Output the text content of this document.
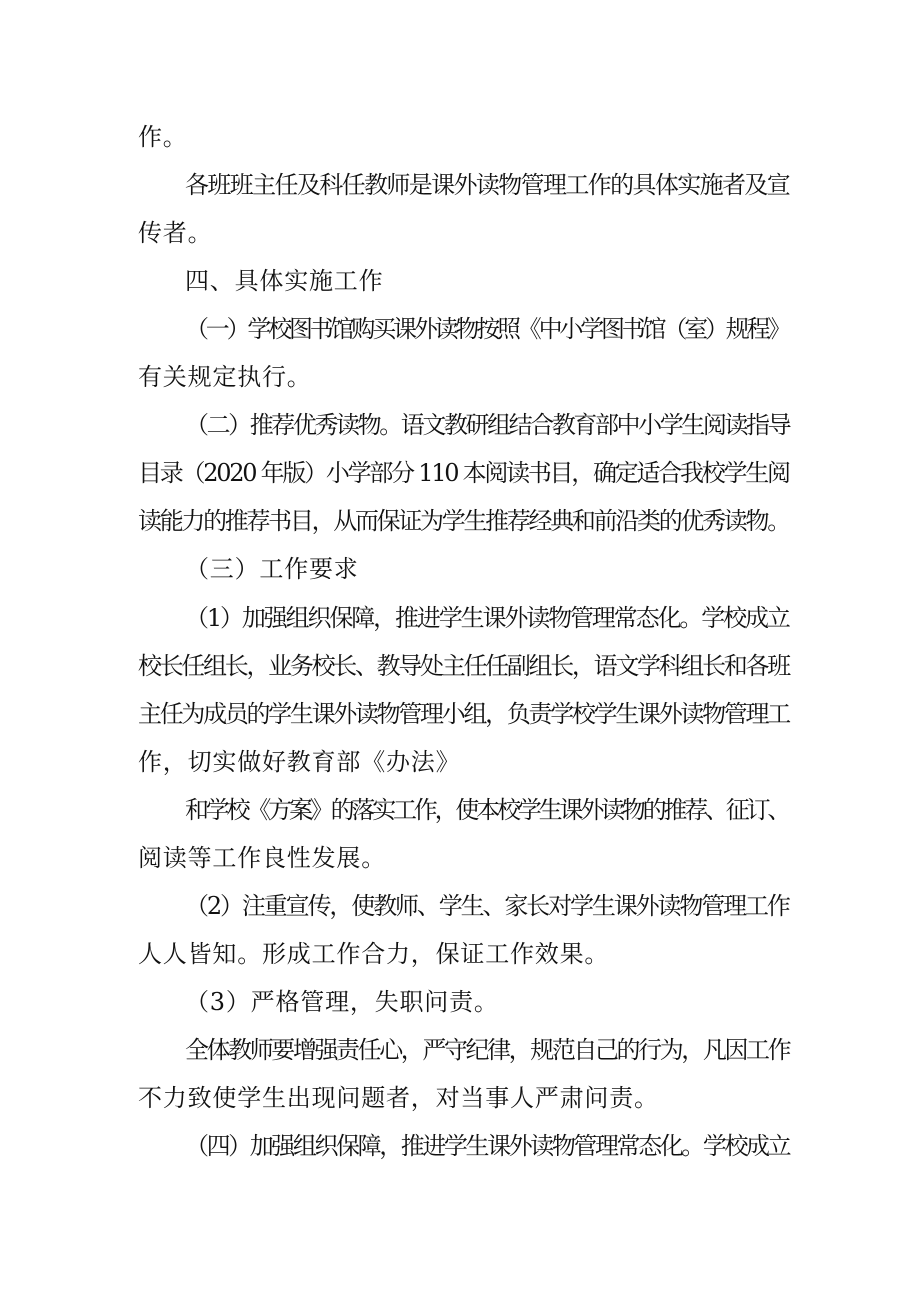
作。
各班班主任及科任教师是课外读物管理工作的具体实施者及宣
传者。
四、具体实施工作
（一）学校图书馆购买课外读物按照《中小学图书馆（室）规程》
有关规定执行。
（二）推荐优秀读物。语文教研组结合教育部中小学生阅读指导
目录（2020 年版）小学部分 110 本阅读书目，确定适合我校学生阅
读能力的推荐书目，从而保证为学生推荐经典和前沿类的优秀读物。
（三）工作要求
（1）加强组织保障，推进学生课外读物管理常态化。学校成立
校长任组长，业务校长、教导处主任任副组长，语文学科组长和各班
主任为成员的学生课外读物管理小组，负责学校学生课外读物管理工
作，切实做好教育部《办法》
和学校《方案》的落实工作，使本校学生课外读物的推荐、征订、
阅读等工作良性发展。
（2）注重宣传，使教师、学生、家长对学生课外读物管理工作
人人皆知。形成工作合力，保证工作效果。
（3）严格管理，失职问责。
全体教师要增强责任心，严守纪律，规范自己的行为，凡因工作
不力致使学生出现问题者，对当事人严肃问责。
（四）加强组织保障，推进学生课外读物管理常态化。学校成立
